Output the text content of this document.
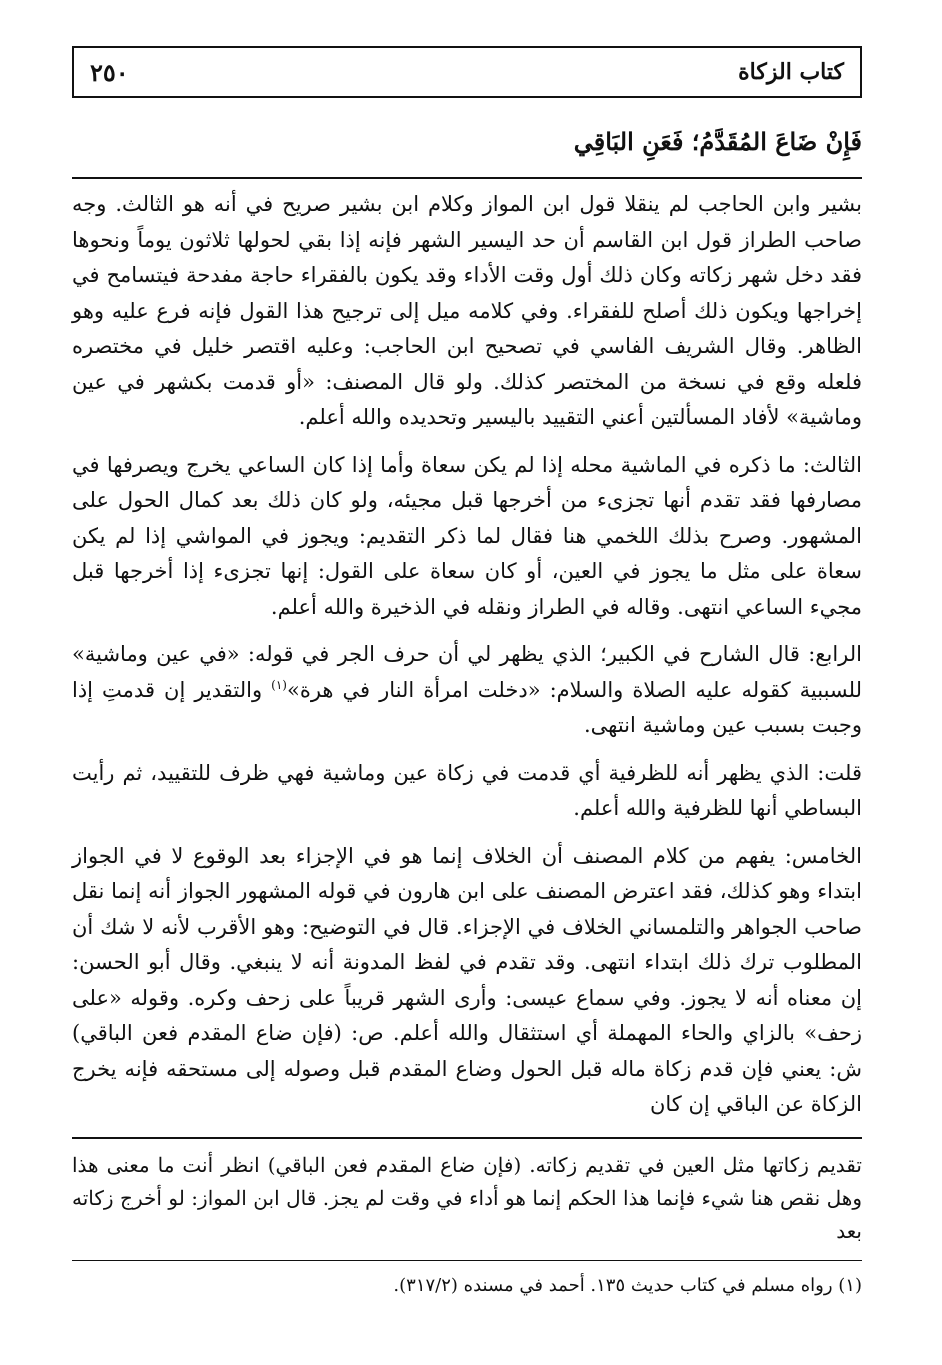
كتاب الزكاة
٢٥٠
فَإِنْ ضَاعَ المُقَدَّمُ؛ فَعَنِ البَاقِي

بشير وابن الحاجب لم ينقلا قول ابن المواز وكلام ابن بشير صريح في أنه هو الثالث. وجه صاحب الطراز قول ابن القاسم أن حد اليسير الشهر فإنه إذا بقي لحولها ثلاثون يوماً ونحوها فقد دخل شهر زكاته وكان ذلك أول وقت الأداء وقد يكون بالفقراء حاجة مفدحة فيتسامح في إخراجها ويكون ذلك أصلح للفقراء. وفي كلامه ميل إلى ترجيح هذا القول فإنه فرع عليه وهو الظاهر. وقال الشريف الفاسي في تصحيح ابن الحاجب: وعليه اقتصر خليل في مختصره فلعله وقع في نسخة من المختصر كذلك. ولو قال المصنف: «أو قدمت بكشهر في عين وماشية» لأفاد المسألتين أعني التقييد باليسير وتحديده والله أعلم.

الثالث: ما ذكره في الماشية محله إذا لم يكن سعاة وأما إذا كان الساعي يخرج ويصرفها في مصارفها فقد تقدم أنها تجزىء من أخرجها قبل مجيئه، ولو كان ذلك بعد كمال الحول على المشهور. وصرح بذلك اللخمي هنا فقال لما ذكر التقديم: ويجوز في المواشي إذا لم يكن سعاة على مثل ما يجوز في العين، أو كان سعاة على القول: إنها تجزىء إذا أخرجها قبل مجيء الساعي انتهى. وقاله في الطراز ونقله في الذخيرة والله أعلم.

الرابع: قال الشارح في الكبير؛ الذي يظهر لي أن حرف الجر في قوله: «في عين وماشية» للسببية كقوله عليه الصلاة والسلام: «دخلت امرأة النار في هرة»$^{(١)}$ والتقدير إن قدمتِ إذا وجبت بسبب عين وماشية انتهى.

قلت: الذي يظهر أنه للظرفية أي قدمت في زكاة عين وماشية فهي ظرف للتقييد، ثم رأيت البساطي أنها للظرفية والله أعلم.

الخامس: يفهم من كلام المصنف أن الخلاف إنما هو في الإجزاء بعد الوقوع لا في الجواز ابتداء وهو كذلك، فقد اعترض المصنف على ابن هارون في قوله المشهور الجواز أنه إنما نقل صاحب الجواهر والتلمساني الخلاف في الإجزاء. قال في التوضيح: وهو الأقرب لأنه لا شك أن المطلوب ترك ذلك ابتداء انتهى. وقد تقدم في لفظ المدونة أنه لا ينبغي. وقال أبو الحسن: إن معناه أنه لا يجوز. وفي سماع عيسى: وأرى الشهر قريباً على زحف وكره. وقوله «على زحف» بالزاي والحاء المهملة أي استثقال والله أعلم. ص: (فإن ضاع المقدم فعن الباقي) ش: يعني فإن قدم زكاة ماله قبل الحول وضاع المقدم قبل وصوله إلى مستحقه فإنه يخرج الزكاة عن الباقي إن كان

تقديم زكاتها مثل العين في تقديم زكاته. (فإن ضاع المقدم فعن الباقي) انظر أنت ما معنى هذا وهل نقص هنا شيء فإنما هذا الحكم إنما هو أداء في وقت لم يجز. قال ابن المواز: لو أخرج زكاته بعد
(١) رواه مسلم في كتاب حديث ١٣٥. أحمد في مسنده (٣١٧/٢).
